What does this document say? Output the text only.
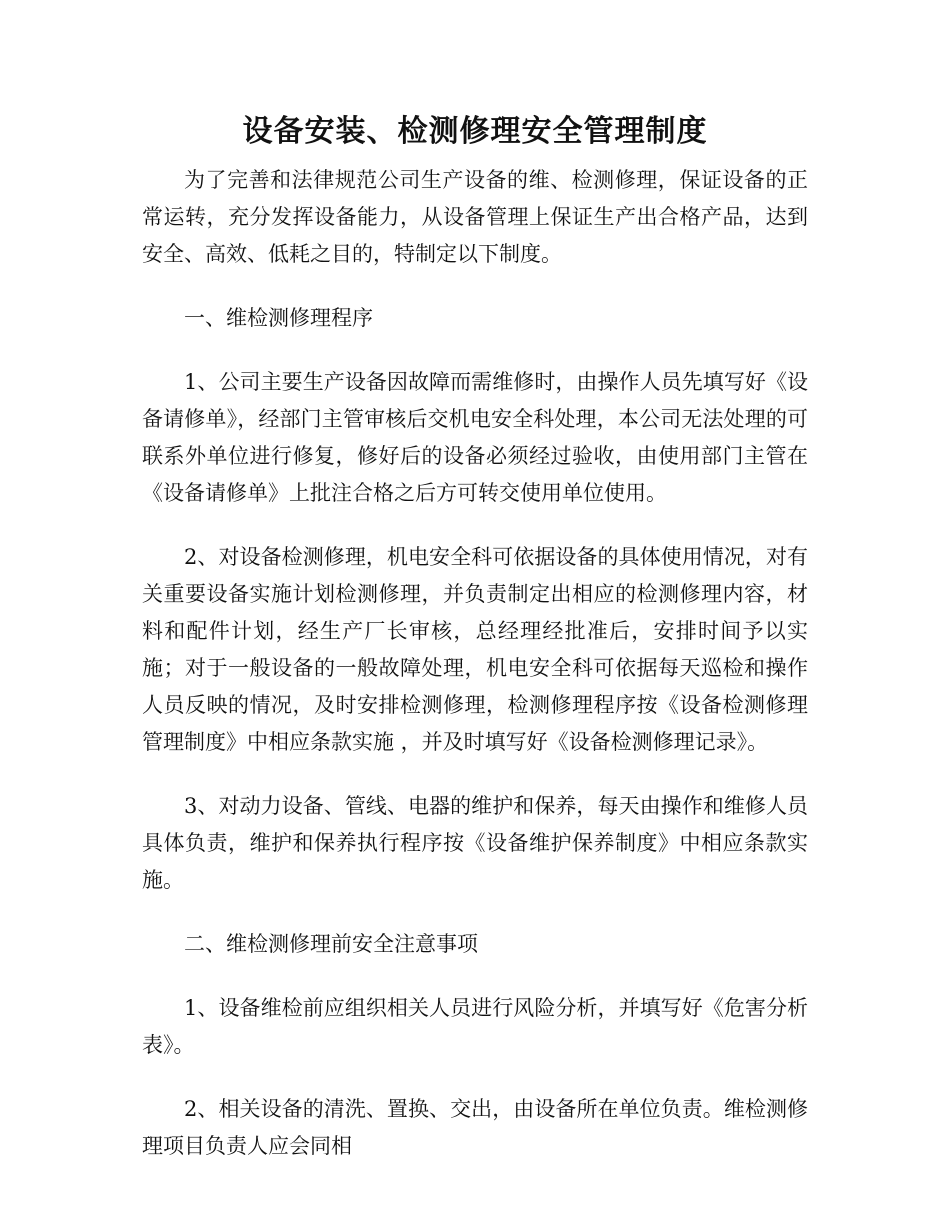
设备安装、检测修理安全管理制度

为了完善和法律规范公司生产设备的维、检测修理，保证设备的正常运转，充分发挥设备能力，从设备管理上保证生产出合格产品，达到安全、高效、低耗之目的，特制定以下制度。

一、维检测修理程序

1、公司主要生产设备因故障而需维修时，由操作人员先填写好《设备请修单》，经部门主管审核后交机电安全科处理，本公司无法处理的可联系外单位进行修复，修好后的设备必须经过验收，由使用部门主管在《设备请修单》上批注合格之后方可转交使用单位使用。

2、对设备检测修理，机电安全科可依据设备的具体使用情况，对有关重要设备实施计划检测修理，并负责制定出相应的检测修理内容，材料和配件计划，经生产厂长审核，总经理经批准后，安排时间予以实施；对于一般设备的一般故障处理，机电安全科可依据每天巡检和操作人员反映的情况，及时安排检测修理，检测修理程序按《设备检测修理管理制度》中相应条款实施 ，并及时填写好《设备检测修理记录》。

3、对动力设备、管线、电器的维护和保养，每天由操作和维修人员具体负责，维护和保养执行程序按《设备维护保养制度》中相应条款实施。

二、维检测修理前安全注意事项

1、设备维检前应组织相关人员进行风险分析，并填写好《危害分析表》。

2、相关设备的清洗、置换、交出，由设备所在单位负责。维检测修理项目负责人应会同相
